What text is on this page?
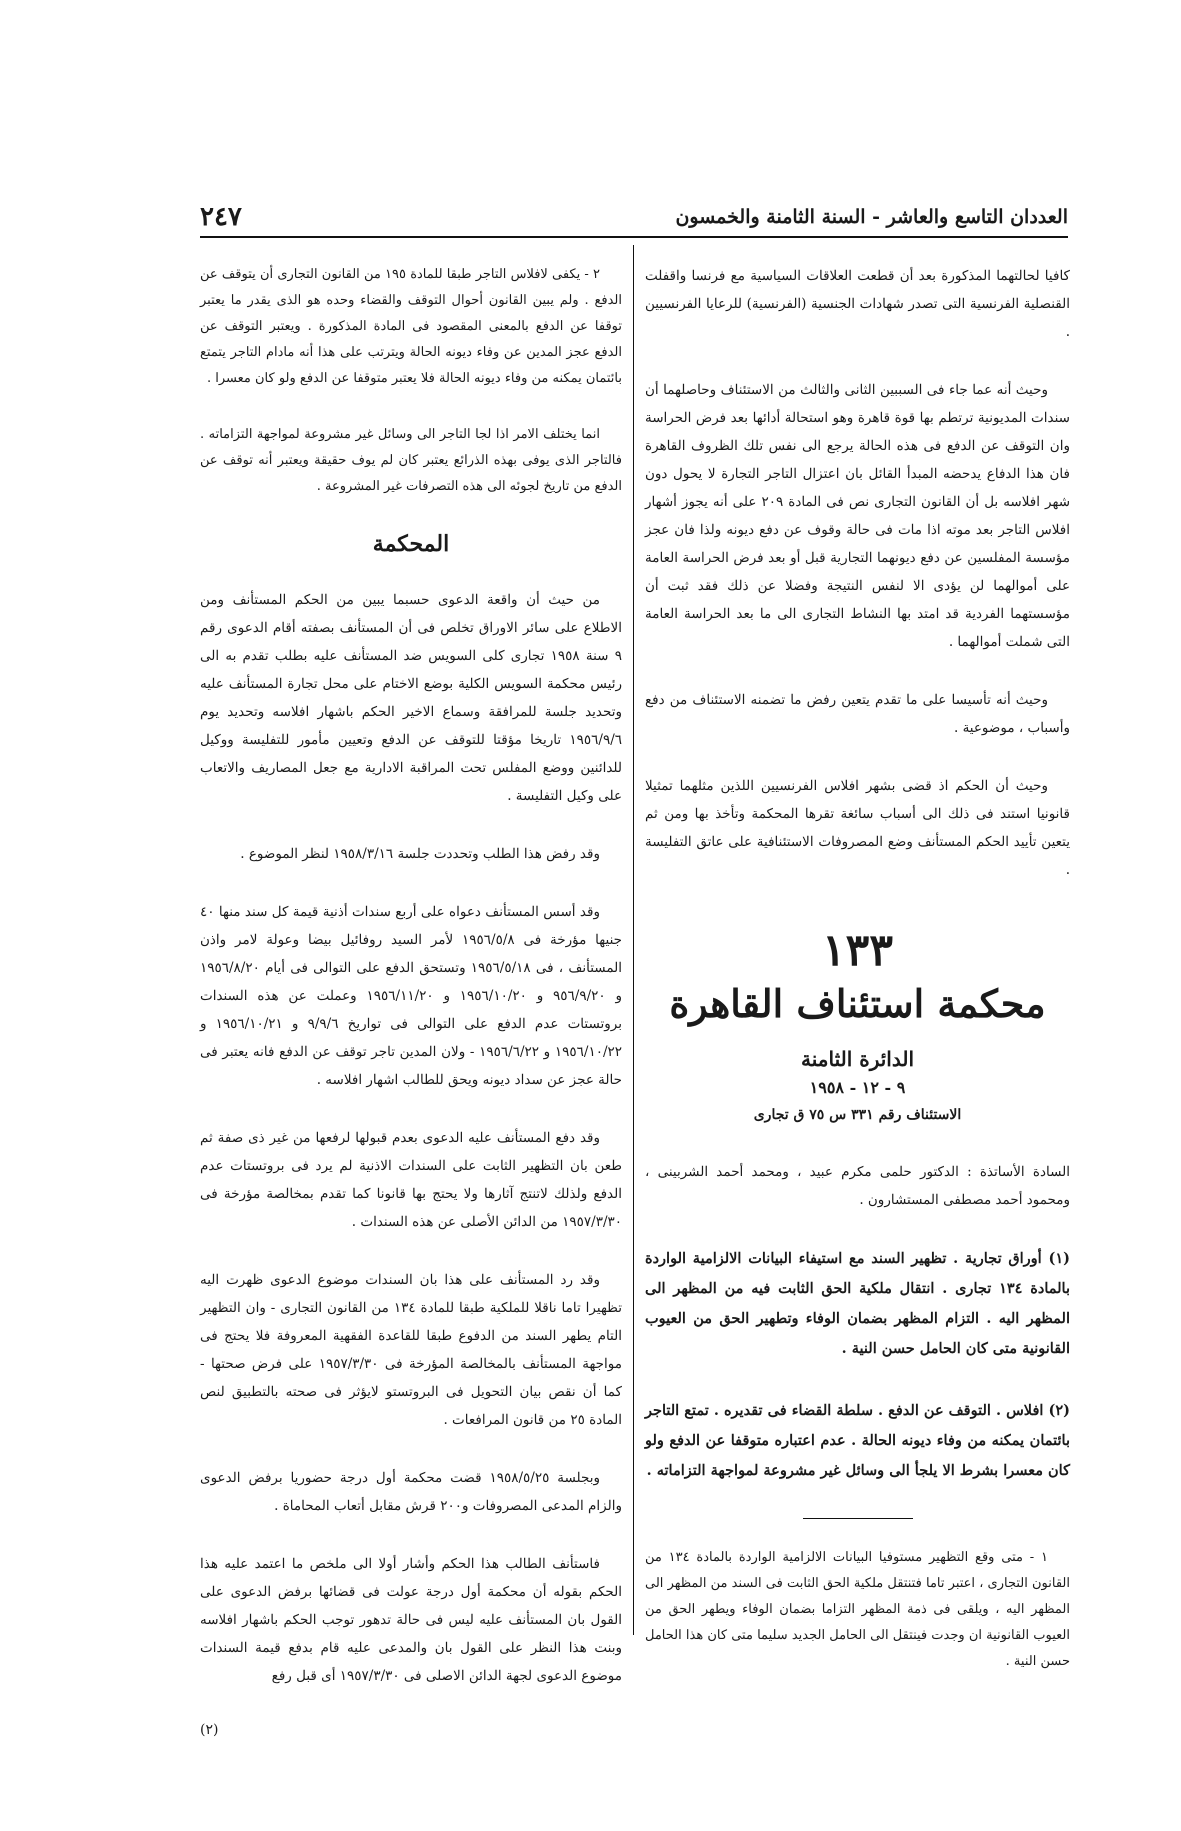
العددان التاسع والعاشر - السنة الثامنة والخمسون
٢٤٧

كافيا لحالتهما المذكورة بعد أن قطعت العلاقات السياسية مع فرنسا واقفلت القنصلية الفرنسية التى تصدر شهادات الجنسية (الفرنسية) للرعايا الفرنسيين .

وحيث أنه عما جاء فى السببين الثانى والثالث من الاستئناف وحاصلهما أن سندات المديونية ترتطم بها قوة قاهرة وهو استحالة أدائها بعد فرض الحراسة وان التوقف عن الدفع فى هذه الحالة يرجع الى نفس تلك الظروف القاهرة فان هذا الدفاع يدحضه المبدأ القائل بان اعتزال التاجر التجارة لا يحول دون شهر افلاسه بل أن القانون التجارى نص فى المادة ٢٠٩ على أنه يجوز أشهار افلاس التاجر بعد موته اذا مات فى حالة وقوف عن دفع ديونه ولذا فان عجز مؤسسة المفلسين عن دفع ديونهما التجارية قبل أو بعد فرض الحراسة العامة على أموالهما لن يؤدى الا لنفس النتيجة وفضلا عن ذلك فقد ثبت أن مؤسستهما الفردية قد امتد بها النشاط التجارى الى ما بعد الحراسة العامة التى شملت أموالهما .

وحيث أنه تأسيسا على ما تقدم يتعين رفض ما تضمنه الاستئناف من دفع وأسباب ، موضوعية .

وحيث أن الحكم اذ قضى بشهر افلاس الفرنسيين اللذين مثلهما تمثيلا قانونيا استند فى ذلك الى أسباب سائغة تقرها المحكمة وتأخذ بها ومن ثم يتعين تأييد الحكم المستأنف وضع المصروفات الاستئنافية على عاتق التفليسة .

١٣٣
محكمة استئناف القاهرة
الدائرة الثامنة
٩ - ١٢ - ١٩٥٨
الاستئناف رقم ٣٣١ س ٧٥ ق تجارى

السادة الأساتذة : الدكتور حلمى مكرم عبيد ، ومحمد أحمد الشربينى ، ومحمود أحمد مصطفى المستشارون .

(١) أوراق تجارية . تظهير السند مع استيفاء البيانات الالزامية الواردة بالمادة ١٣٤ تجارى . انتقال ملكية الحق الثابت فيه من المظهر الى المظهر اليه . التزام المظهر بضمان الوفاء وتطهير الحق من العيوب القانونية متى كان الحامل حسن النية .

(٢) افلاس . التوقف عن الدفع . سلطة القضاء فى تقديره . تمتع التاجر بائتمان يمكنه من وفاء ديونه الحالة . عدم اعتباره متوقفا عن الدفع ولو كان معسرا بشرط الا يلجأ الى وسائل غير مشروعة لمواجهة التزاماته .

١ - متى وقع التظهير مستوفيا البيانات الالزامية الواردة بالمادة ١٣٤ من القانون التجارى ، اعتبر تاما فتنتقل ملكية الحق الثابت فى السند من المظهر الى المظهر اليه ، ويلقى فى ذمة المظهر التزاما بضمان الوفاء ويطهر الحق من العيوب القانونية ان وجدت فينتقل الى الحامل الجديد سليما متى كان هذا الحامل حسن النية .

٢ - يكفى لافلاس التاجر طبقا للمادة ١٩٥ من القانون التجارى أن يتوقف عن الدفع . ولم يبين القانون أحوال التوقف والقضاء وحده هو الذى يقدر ما يعتبر توقفا عن الدفع بالمعنى المقصود فى المادة المذكورة . ويعتبر التوقف عن الدفع عجز المدين عن وفاء ديونه الحالة ويترتب على هذا أنه مادام التاجر يتمتع بائتمان يمكنه من وفاء ديونه الحالة فلا يعتبر متوقفا عن الدفع ولو كان معسرا .

انما يختلف الامر اذا لجا التاجر الى وسائل غير مشروعة لمواجهة التزاماته . فالتاجر الذى يوفى بهذه الذرائع يعتبر كان لم يوف حقيقة ويعتبر أنه توقف عن الدفع من تاريخ لجوئه الى هذه التصرفات غير المشروعة .

المحكمة

من حيث أن واقعة الدعوى حسبما يبين من الحكم المستأنف ومن الاطلاع على سائر الاوراق تخلص فى أن المستأنف بصفته أقام الدعوى رقم ٩ سنة ١٩٥٨ تجارى كلى السويس ضد المستأنف عليه بطلب تقدم به الى رئيس محكمة السويس الكلية بوضع الاختام على محل تجارة المستأنف عليه وتحديد جلسة للمرافقة وسماع الاخير الحكم باشهار افلاسه وتحديد يوم ١٩٥٦/٩/٦ تاريخا مؤقتا للتوقف عن الدفع وتعيين مأمور للتفليسة ووكيل للدائنين ووضع المفلس تحت المراقبة الادارية مع جعل المصاريف والاتعاب على وكيل التفليسة .

وقد رفض هذا الطلب وتحددت جلسة ١٩٥٨/٣/١٦ لنظر الموضوع .

وقد أسس المستأنف دعواه على أربع سندات أذنية قيمة كل سند منها ٤٠ جنيها مؤرخة فى ١٩٥٦/٥/٨ لأمر السيد روفائيل بيضا وعولة لامر واذن المستأنف ، فى ١٩٥٦/٥/١٨ وتستحق الدفع على التوالى فى أيام ١٩٥٦/٨/٢٠ و ٩٥٦/٩/٢٠ و ١٩٥٦/١٠/٢٠ و ١٩٥٦/١١/٢٠ وعملت عن هذه السندات بروتستات عدم الدفع على التوالى فى تواريخ ٩/٩/٦ و ١٩٥٦/١٠/٢١ و ١٩٥٦/١٠/٢٢ و ١٩٥٦/٦/٢٢ - ولان المدين تاجر توقف عن الدفع فانه يعتبر فى حالة عجز عن سداد ديونه ويحق للطالب اشهار افلاسه .

وقد دفع المستأنف عليه الدعوى بعدم قبولها لرفعها من غير ذى صفة ثم طعن بان التظهير الثابت على السندات الاذنية لم يرد فى بروتستات عدم الدفع ولذلك لاتنتج آثارها ولا يحتج بها قانونا كما تقدم بمخالصة مؤرخة فى ١٩٥٧/٣/٣٠ من الدائن الأصلى عن هذه السندات .

وقد رد المستأنف على هذا بان السندات موضوع الدعوى ظهرت اليه تظهيرا تاما ناقلا للملكية طبقا للمادة ١٣٤ من القانون التجارى - وان التظهير التام يطهر السند من الدفوع طبقا للقاعدة الفقهية المعروفة فلا يحتج فى مواجهة المستأنف بالمخالصة المؤرخة فى ١٩٥٧/٣/٣٠ على فرض صحتها - كما أن نقص بيان التحويل فى البروتستو لايؤثر فى صحته بالتطبيق لنص المادة ٢٥ من قانون المرافعات .

وبجلسة ١٩٥٨/٥/٢٥ قضت محكمة أول درجة حضوريا برفض الدعوى والزام المدعى المصروفات و٢٠٠ قرش مقابل أتعاب المحاماة .

فاستأنف الطالب هذا الحكم وأشار أولا الى ملخص ما اعتمد عليه هذا الحكم بقوله أن محكمة أول درجة عولت فى قضائها برفض الدعوى على القول بان المستأنف عليه ليس فى حالة تدهور توجب الحكم باشهار افلاسه وبنت هذا النظر على القول بان والمدعى عليه قام بدفع قيمة السندات موضوع الدعوى لجهة الدائن الاصلى فى ١٩٥٧/٣/٣٠ أى قبل رفع

(٢)
